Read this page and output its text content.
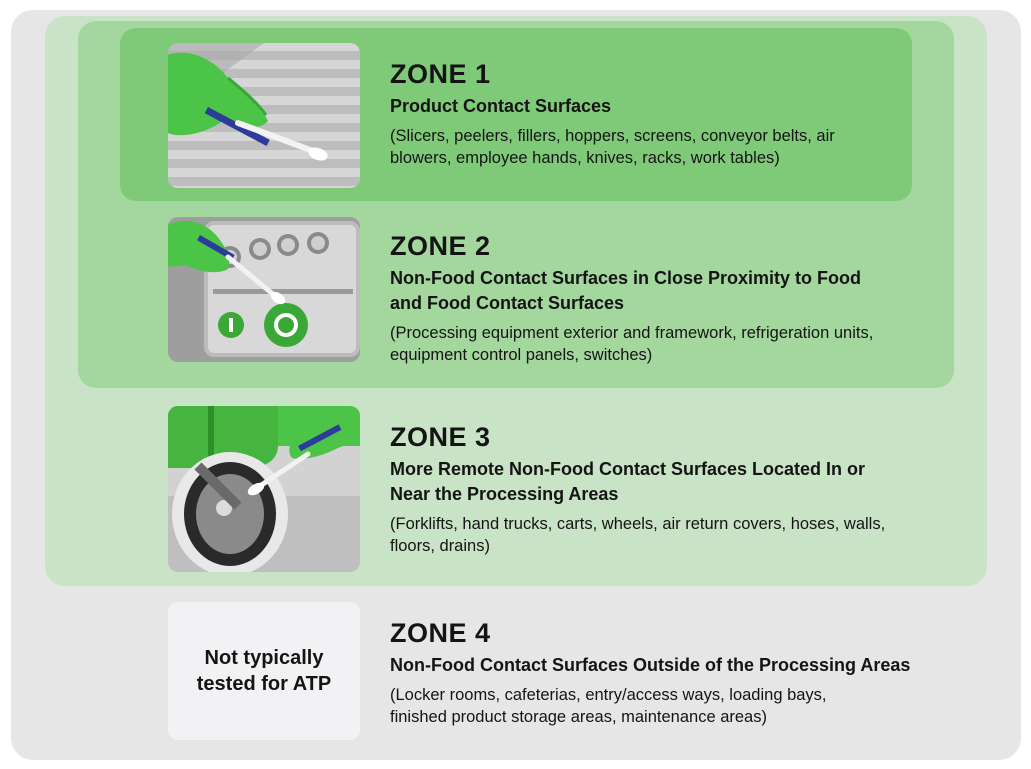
Not typically tested for ATP
ZONE 1
Product Contact Surfaces
(Slicers, peelers, fillers, hoppers, screens, conveyor belts, air blowers, employee hands, knives, racks, work tables)
ZONE 2
Non-Food Contact Surfaces in Close Proximity to Food and Food Contact Surfaces
(Processing equipment exterior and framework, refrigeration units, equipment control panels, switches)
ZONE 3
More Remote Non-Food Contact Surfaces Located In or Near the Processing Areas
(Forklifts, hand trucks, carts, wheels, air return covers, hoses, walls, floors, drains)
ZONE 4
Non-Food Contact Surfaces Outside of the Processing Areas
(Locker rooms, cafeterias, entry/access ways, loading bays, finished product storage areas, maintenance areas)
